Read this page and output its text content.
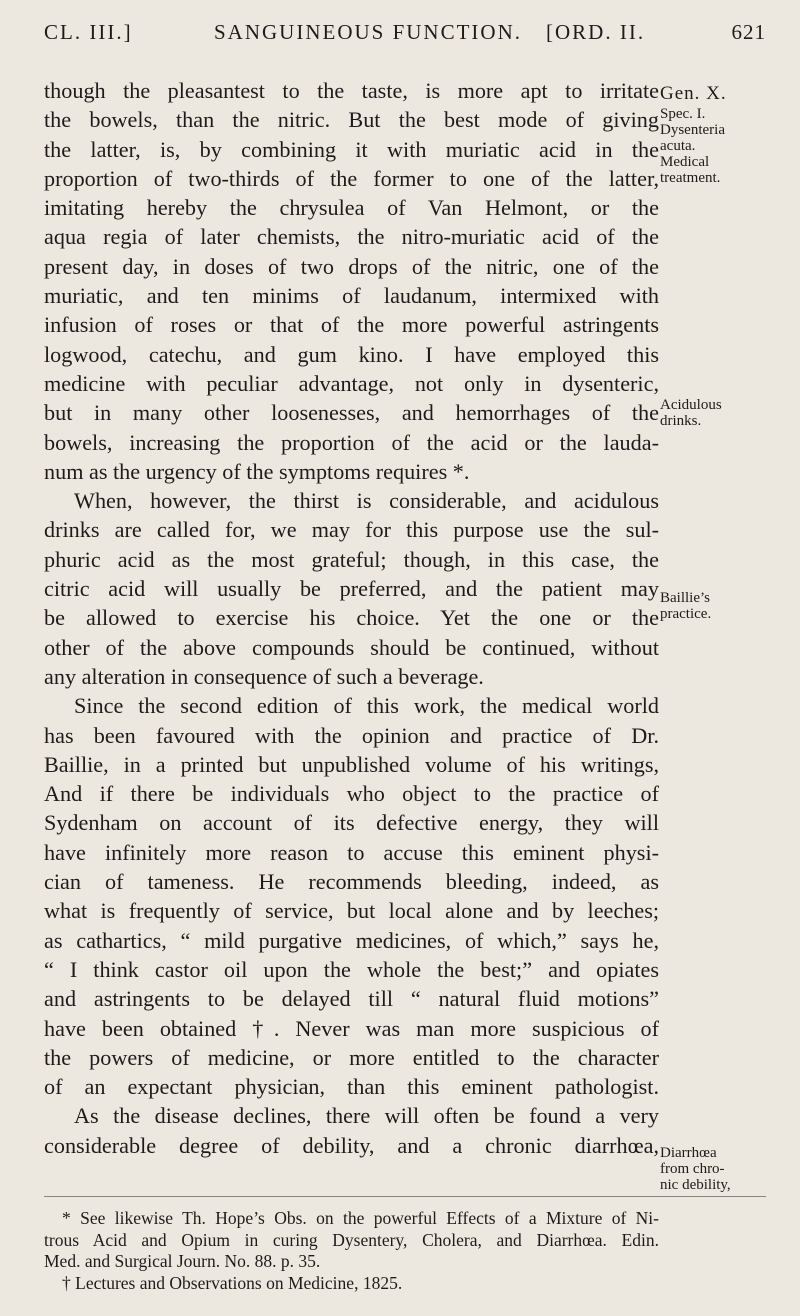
CL. III.]	SANGUINEOUS FUNCTION. [ORD. II.	621
though the pleasantest to the taste, is more apt to irritate
the bowels, than the nitric. But the best mode of giving
the latter, is, by combining it with muriatic acid in the
proportion of two-thirds of the former to one of the latter,
imitating hereby the chrysulea of Van Helmont, or the
aqua regia of later chemists, the nitro-muriatic acid of the
present day, in doses of two drops of the nitric, one of the
muriatic, and ten minims of laudanum, intermixed with
infusion of roses or that of the more powerful astringents
logwood, catechu, and gum kino. I have employed this
medicine with peculiar advantage, not only in dysenteric,
but in many other loosenesses, and hemorrhages of the
bowels, increasing the proportion of the acid or the lauda-
num as the urgency of the symptoms requires *.
When, however, the thirst is considerable, and acidulous
drinks are called for, we may for this purpose use the sul-
phuric acid as the most grateful; though, in this case, the
citric acid will usually be preferred, and the patient may
be allowed to exercise his choice. Yet the one or the
other of the above compounds should be continued, without
any alteration in consequence of such a beverage.
Since the second edition of this work, the medical world
has been favoured with the opinion and practice of Dr.
Baillie, in a printed but unpublished volume of his writings,
And if there be individuals who object to the practice of
Sydenham on account of its defective energy, they will
have infinitely more reason to accuse this eminent physi-
cian of tameness. He recommends bleeding, indeed, as
what is frequently of service, but local alone and by leeches;
as cathartics, “ mild purgative medicines, of which,” says he,
“ I think castor oil upon the whole the best;” and opiates
and astringents to be delayed till “ natural fluid motions”
have been obtained †. Never was man more suspicious of
the powers of medicine, or more entitled to the character
of an expectant physician, than this eminent pathologist.
As the disease declines, there will often be found a very
considerable degree of debility, and a chronic diarrhœa,
Gen. X.
Spec. I.
Dysenteria
acuta.
Medical
treatment.
Acidulous
drinks.
Baillie’s
practice.
Diarrhœa
from chro-
nic debility,
* See likewise Th. Hope’s Obs. on the powerful Effects of a Mixture of Ni-
trous Acid and Opium in curing Dysentery, Cholera, and Diarrhœa. Edin.
Med. and Surgical Journ. No. 88. p. 35.
† Lectures and Observations on Medicine, 1825.
